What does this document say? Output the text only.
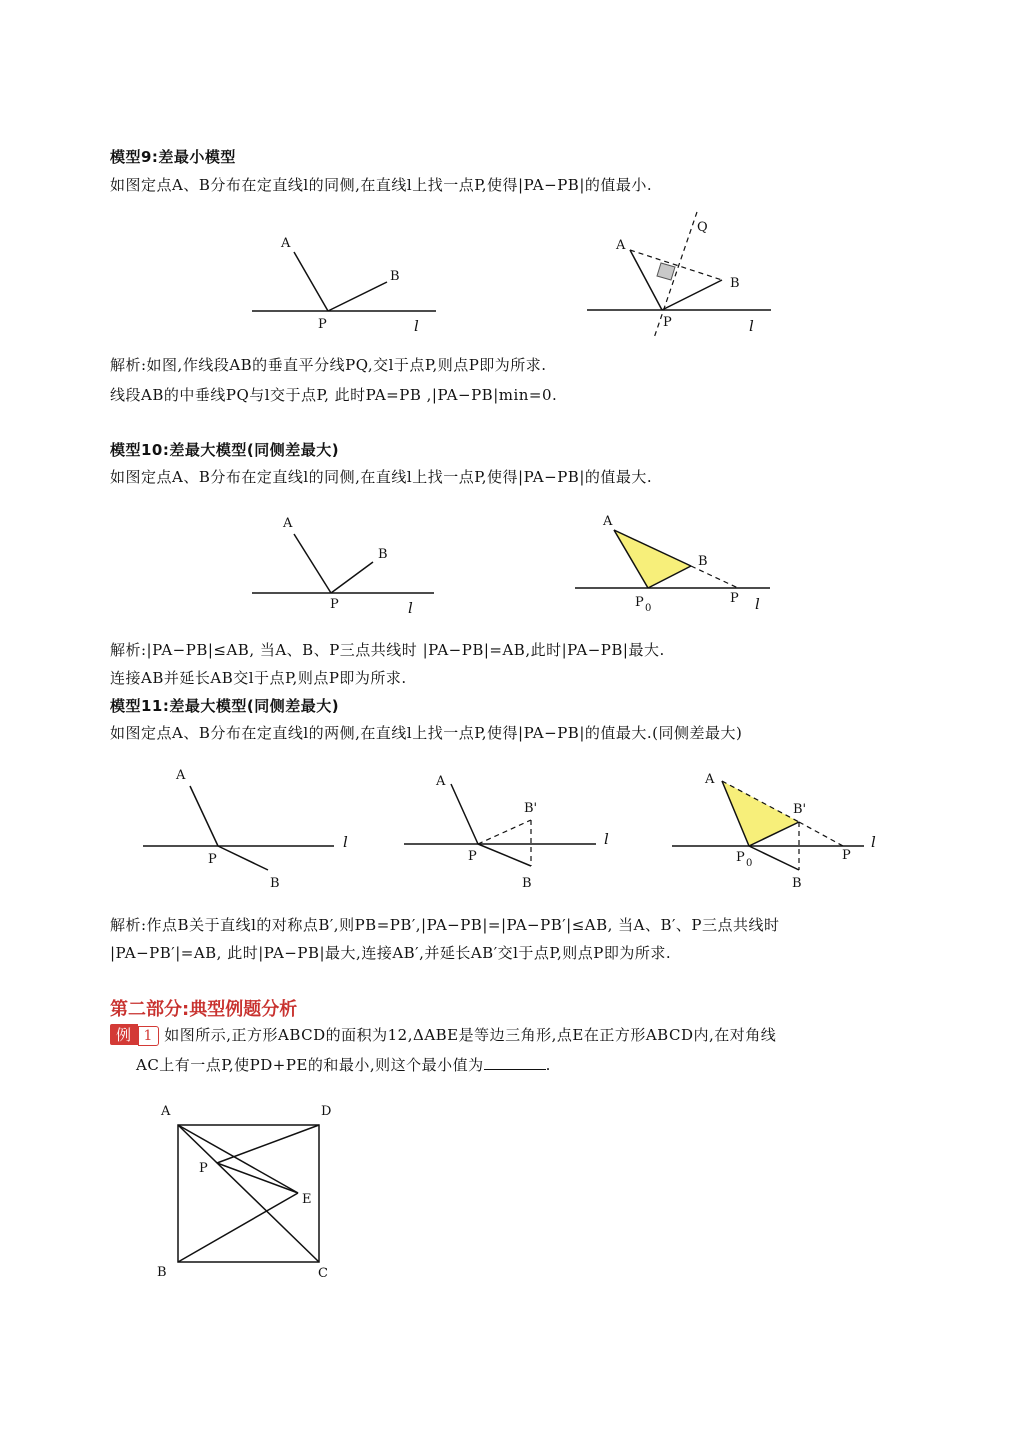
模型9:差最小模型
如图定点A、B分布在定直线l的同侧,在直线l上找一点P,使得|PA−PB|的值最小.
A
B
P	l
A
B
Q
P	l
A
B
P	l
A
B
P 0
P l
A
B
P
l
A
B'
B
P
l
A
B'
B
P 0
P
l
A	D
P
E
B	C
解析:如图,作线段AB的垂直平分线PQ,交l于点P,则点P即为所求.
线段AB的中垂线PQ与l交于点P, 此时PA=PB ,|PA−PB|min=0.
模型10:差最大模型(同侧差最大)
如图定点A、B分布在定直线l的同侧,在直线l上找一点P,使得|PA−PB|的值最大.
解析:|PA−PB|≤AB, 当A、B、P三点共线时 |PA−PB|=AB,此时|PA−PB|最大.
连接AB并延长AB交l于点P,则点P即为所求.
模型11:差最大模型(同侧差最大)
如图定点A、B分布在定直线l的两侧,在直线l上找一点P,使得|PA−PB|的值最大.(同侧差最大)
解析:作点B关于直线l的对称点B′,则PB=PB′,|PA−PB|=|PA−PB′|≤AB, 当A、B′、P三点共线时
|PA−PB′|=AB, 此时|PA−PB|最大,连接AB′,并延长AB′交l于点P,则点P即为所求.
第二部分:典型例题分析
例 1 如图所示,正方形ABCD的面积为12,ΔABE是等边三角形,点E在正方形ABCD内,在对角线
AC上有一点P,使PD+PE的和最小,则这个最小值为	.
